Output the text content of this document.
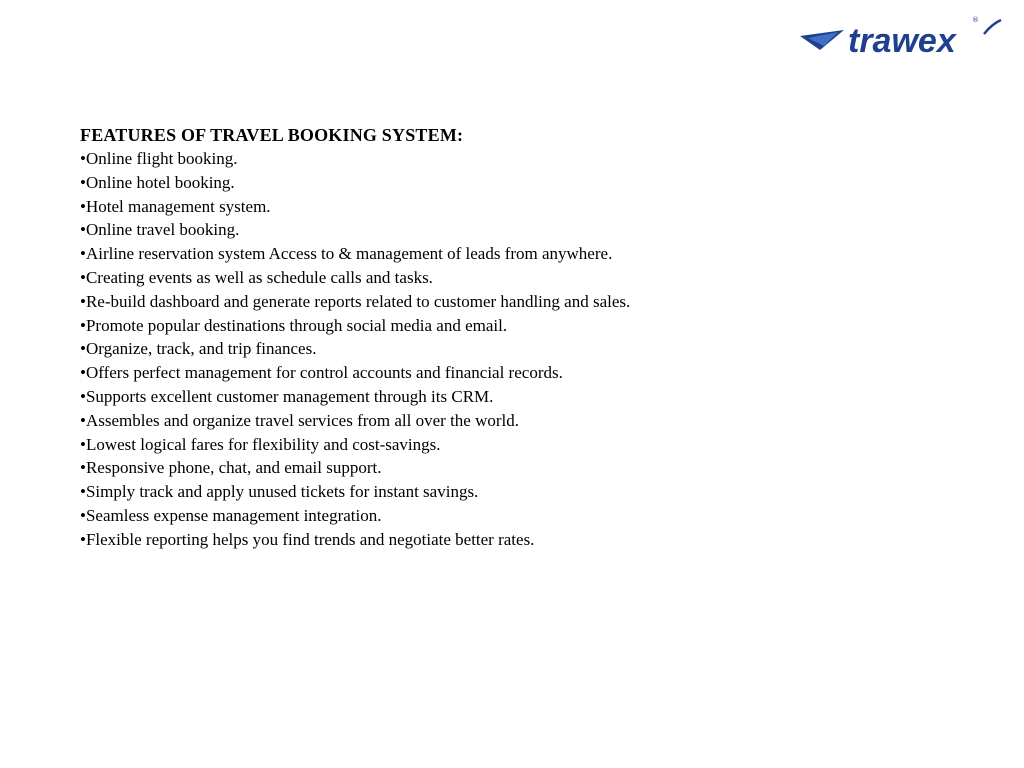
trawex
®
FEATURES OF TRAVEL BOOKING SYSTEM:
•Online flight booking.
•Online hotel booking.
•Hotel management system.
•Online travel booking.
•Airline reservation system Access to & management of leads from anywhere.
•Creating events as well as schedule calls and tasks.
•Re-build dashboard and generate reports related to customer handling and sales.
•Promote popular destinations through social media and email.
•Organize, track, and trip finances.
•Offers perfect management for control accounts and financial records.
•Supports excellent customer management through its CRM.
•Assembles and organize travel services from all over the world.
•Lowest logical fares for flexibility and cost-savings.
•Responsive phone, chat, and email support.
•Simply track and apply unused tickets for instant savings.
•Seamless expense management integration.
•Flexible reporting helps you find trends and negotiate better rates.
